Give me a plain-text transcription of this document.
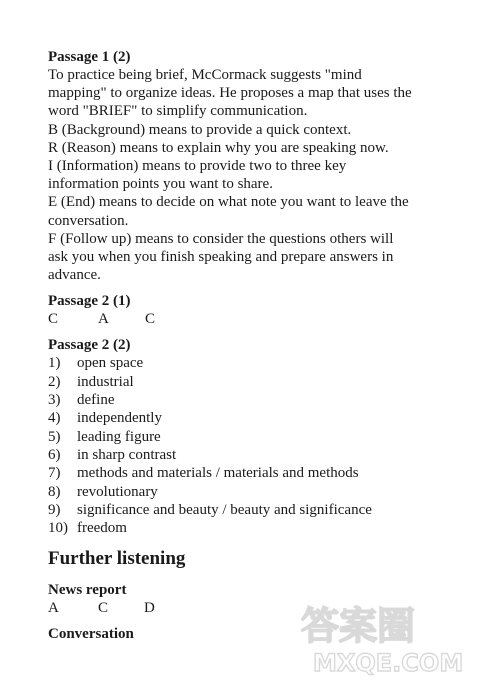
Passage 1 (2)
To practice being brief, McCormack suggests "mind
mapping" to organize ideas. He proposes a map that uses the
word "BRIEF" to simplify communication.
B (Background) means to provide a quick context.
R (Reason) means to explain why you are speaking now.
I (Information) means to provide two to three key
information points you want to share.
E (End) means to decide on what note you want to leave the
conversation.
F (Follow up) means to consider the questions others will
ask you when you finish speaking and prepare answers in
advance.
Passage 2 (1)
C	A	C
Passage 2 (2)
1)	open space
2)	industrial
3)	define
4)	independently
5)	leading figure
6)	in sharp contrast
7)	methods and materials / materials and methods
8)	revolutionary
9)	significance and beauty / beauty and significance
10) freedom
Further listening
News report
A	C	D
Conversation	答案圈
MXQE.COM
